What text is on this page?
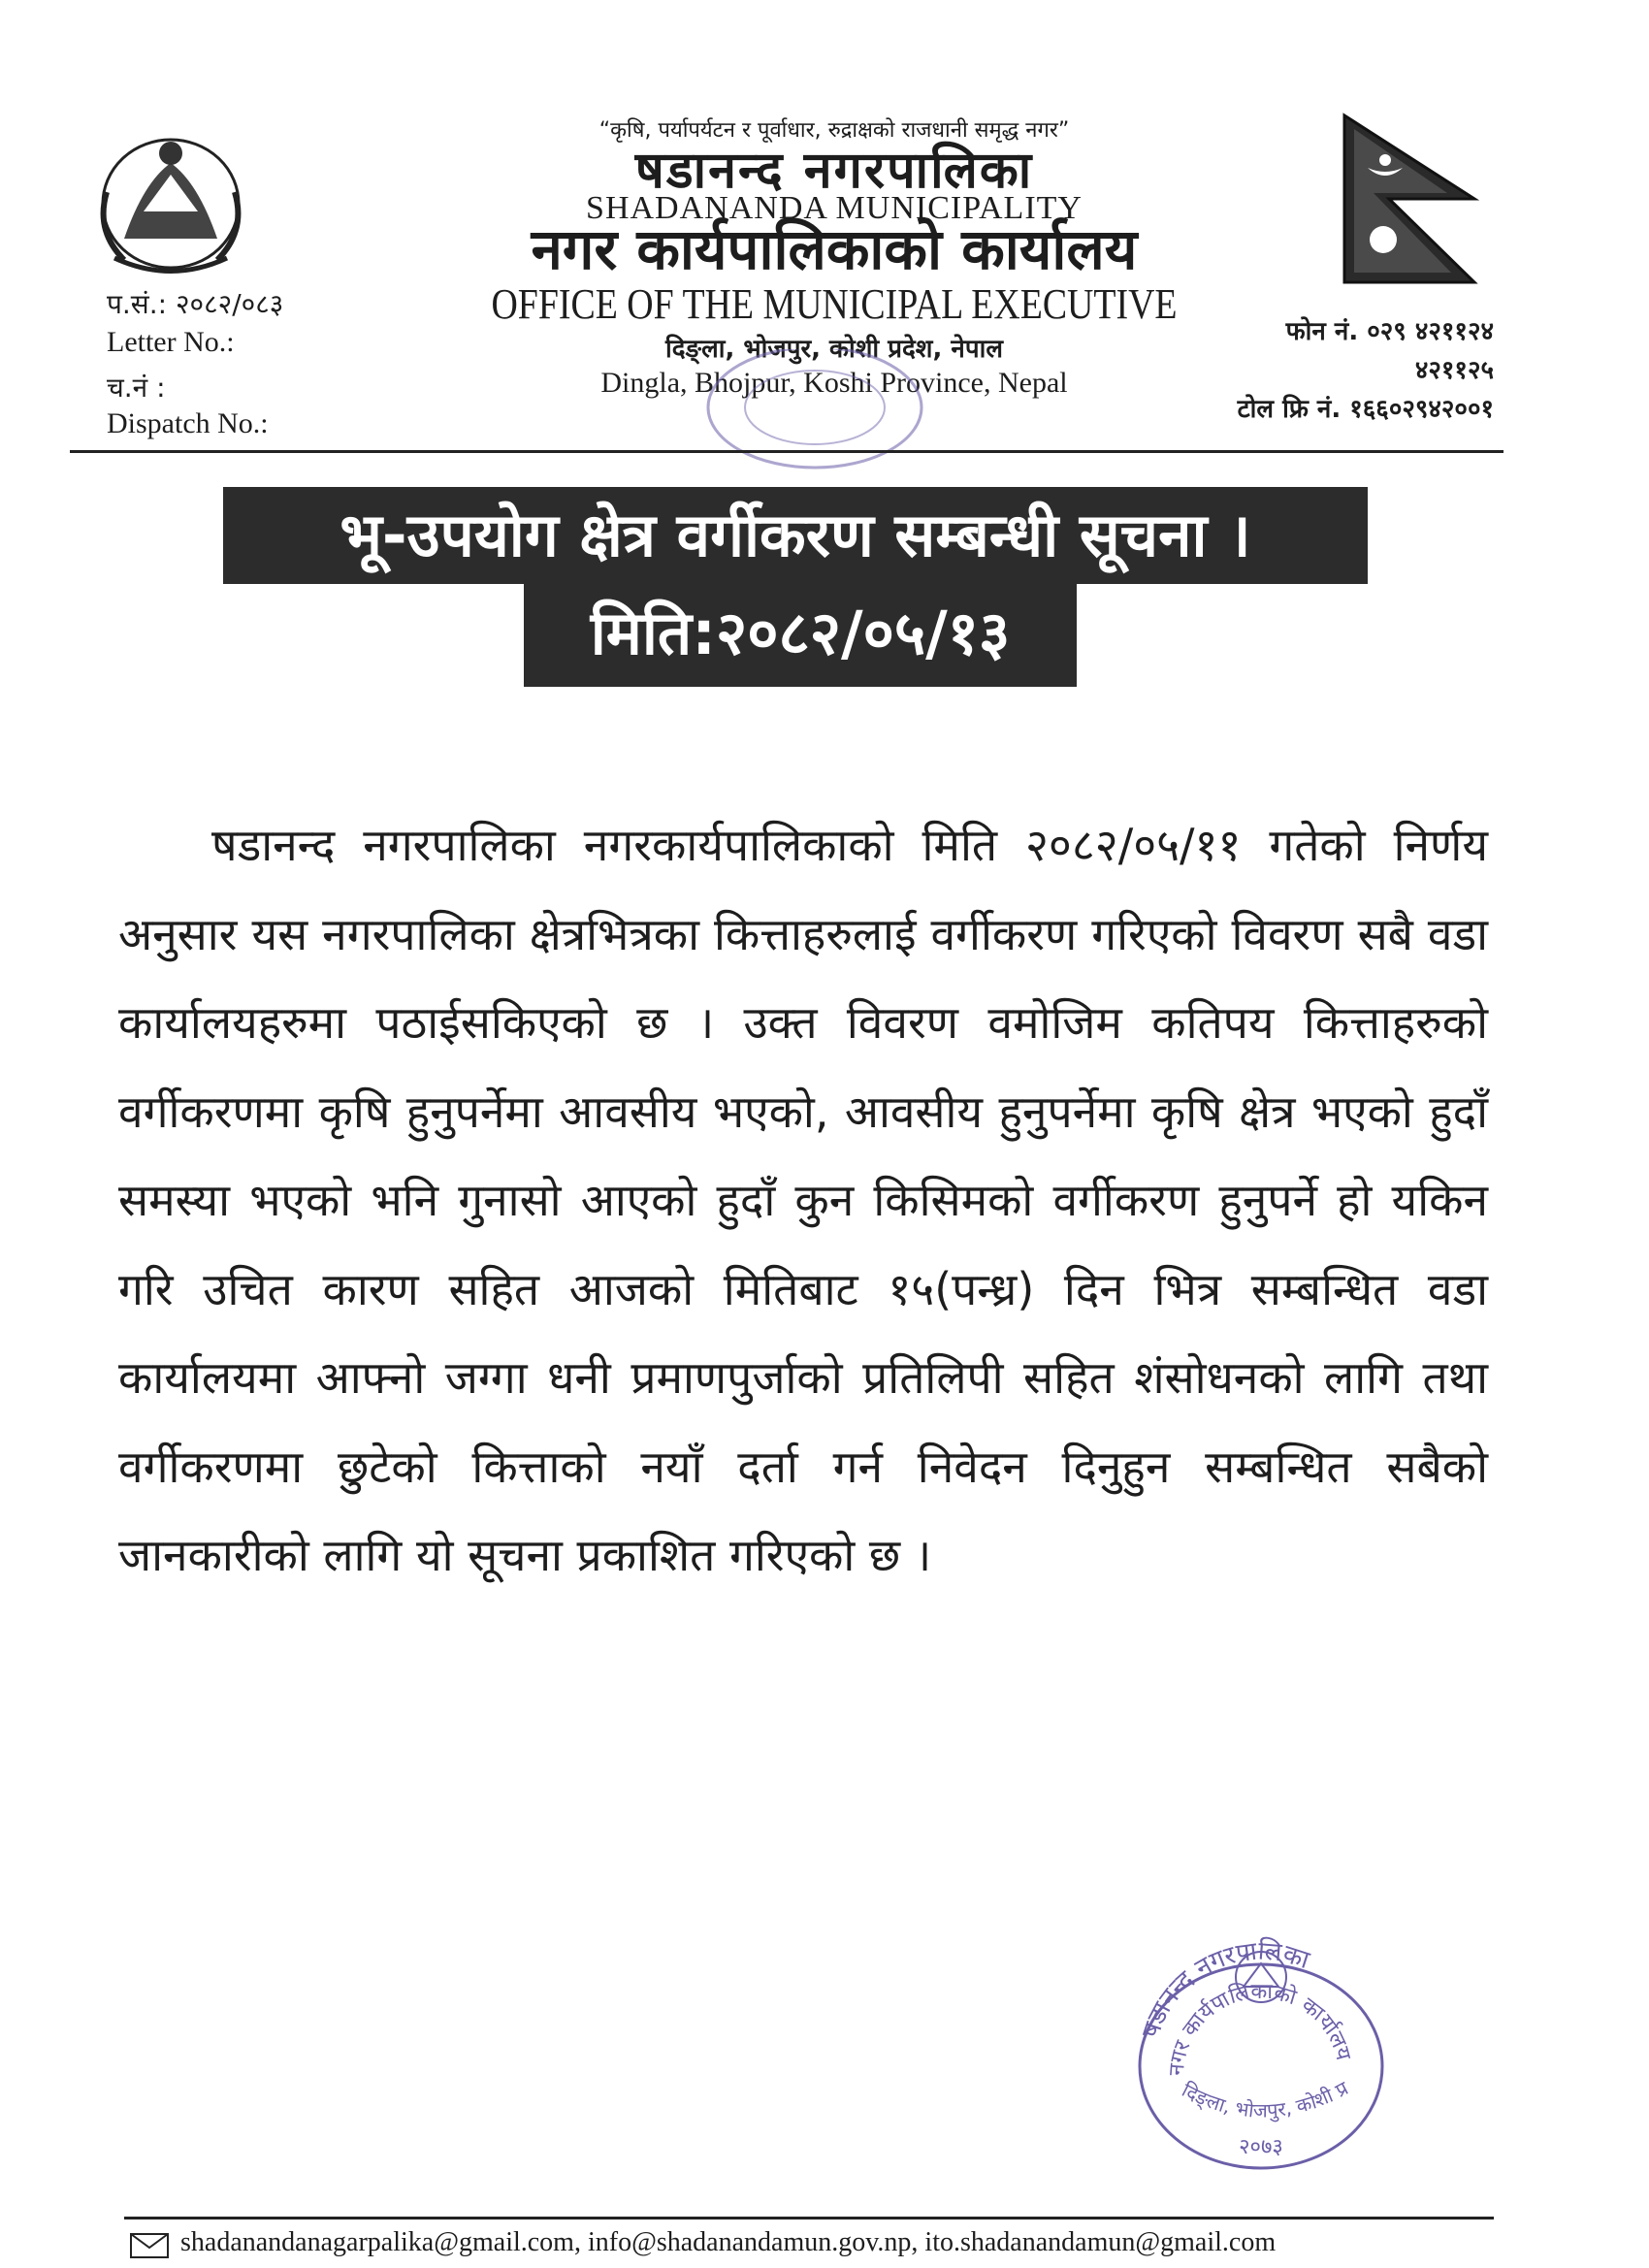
“कृषि, पर्यापर्यटन र पूर्वाधार, रुद्राक्षको राजधानी समृद्ध नगर”
षडानन्द नगरपालिका
SHADANANDA MUNICIPALITY
नगर कार्यपालिकाको कार्यालय
OFFICE OF THE MUNICIPAL EXECUTIVE
दिङ्ला, भोजपुर, कोशी प्रदेश, नेपाल
Dingla, Bhojpur, Koshi Province, Nepal
प.सं.: २०८२/०८३
Letter No.:
च.नं :
Dispatch No.:
फोन नं. ०२९ ४२११२४
४२११२५
टोल फ्रि नं. १६६०२९४२००१
भू-उपयोग क्षेत्र वर्गीकरण सम्बन्धी सूचना ।
मिति:२०८२/०५/१३

षडानन्द नगरपालिका नगरकार्यपालिकाको मिति २०८२/०५/११ गतेको निर्णय अनुसार यस नगरपालिका क्षेत्रभित्रका कित्ताहरुलाई वर्गीकरण गरिएको विवरण सबै वडा कार्यालयहरुमा पठाईसकिएको छ । उक्त विवरण वमोजिम कतिपय कित्ताहरुको वर्गीकरणमा कृषि हुनुपर्नेमा आवसीय भएको, आवसीय हुनुपर्नेमा कृषि क्षेत्र भएको हुदाँ समस्या भएको भनि गुनासो आएको हुदाँ कुन किसिमको वर्गीकरण हुनुपर्ने हो यकिन गरि उचित कारण सहित आजको मितिबाट १५(पन्ध्र) दिन भित्र सम्बन्धित वडा कार्यालयमा आफ्नो जग्गा धनी प्रमाणपुर्जाको प्रतिलिपी सहित शंसोधनको लागि तथा वर्गीकरणमा छुटेको कित्ताको नयाँ दर्ता गर्न निवेदन दिनुहुन सम्बन्धित सबैको जानकारीको लागि यो सूचना प्रकाशित गरिएको छ ।

षडानन्द नगरपालिका
नगर कार्यपालिकाको कार्यालय
दिङ्ला, भोजपुर, कोशी प्र
२०७३
shadanandanagarpalika@gmail.com, info@shadanandamun.gov.np, ito.shadanandamun@gmail.com
